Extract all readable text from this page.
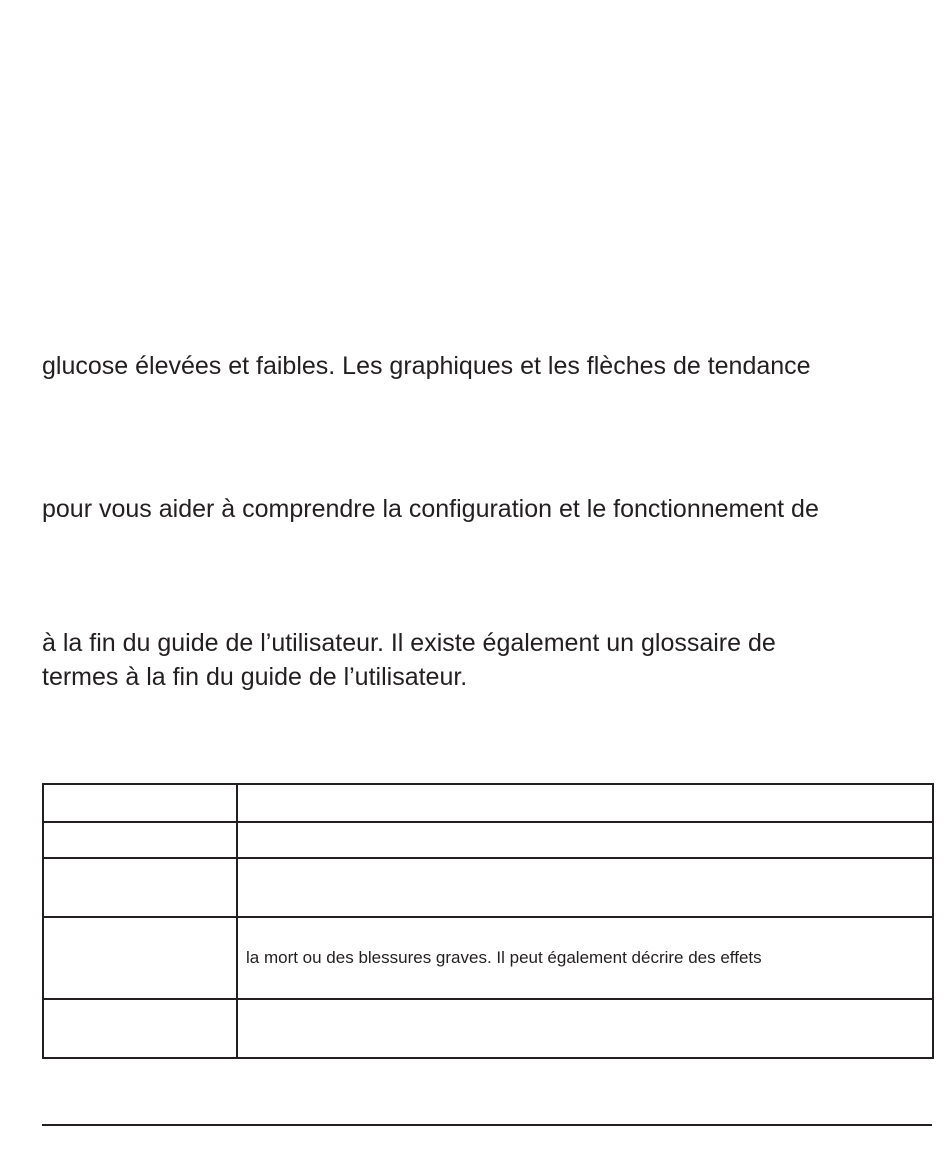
glucose élevées et faibles. Les graphiques et les flèches de tendance
pour vous aider à comprendre la configuration et le fonctionnement de
à la fin du guide de l’utilisateur. Il existe également un glossaire de
termes à la fin du guide de l’utilisateur.

	la mort ou des blessures graves. Il peut également décrire des effets
